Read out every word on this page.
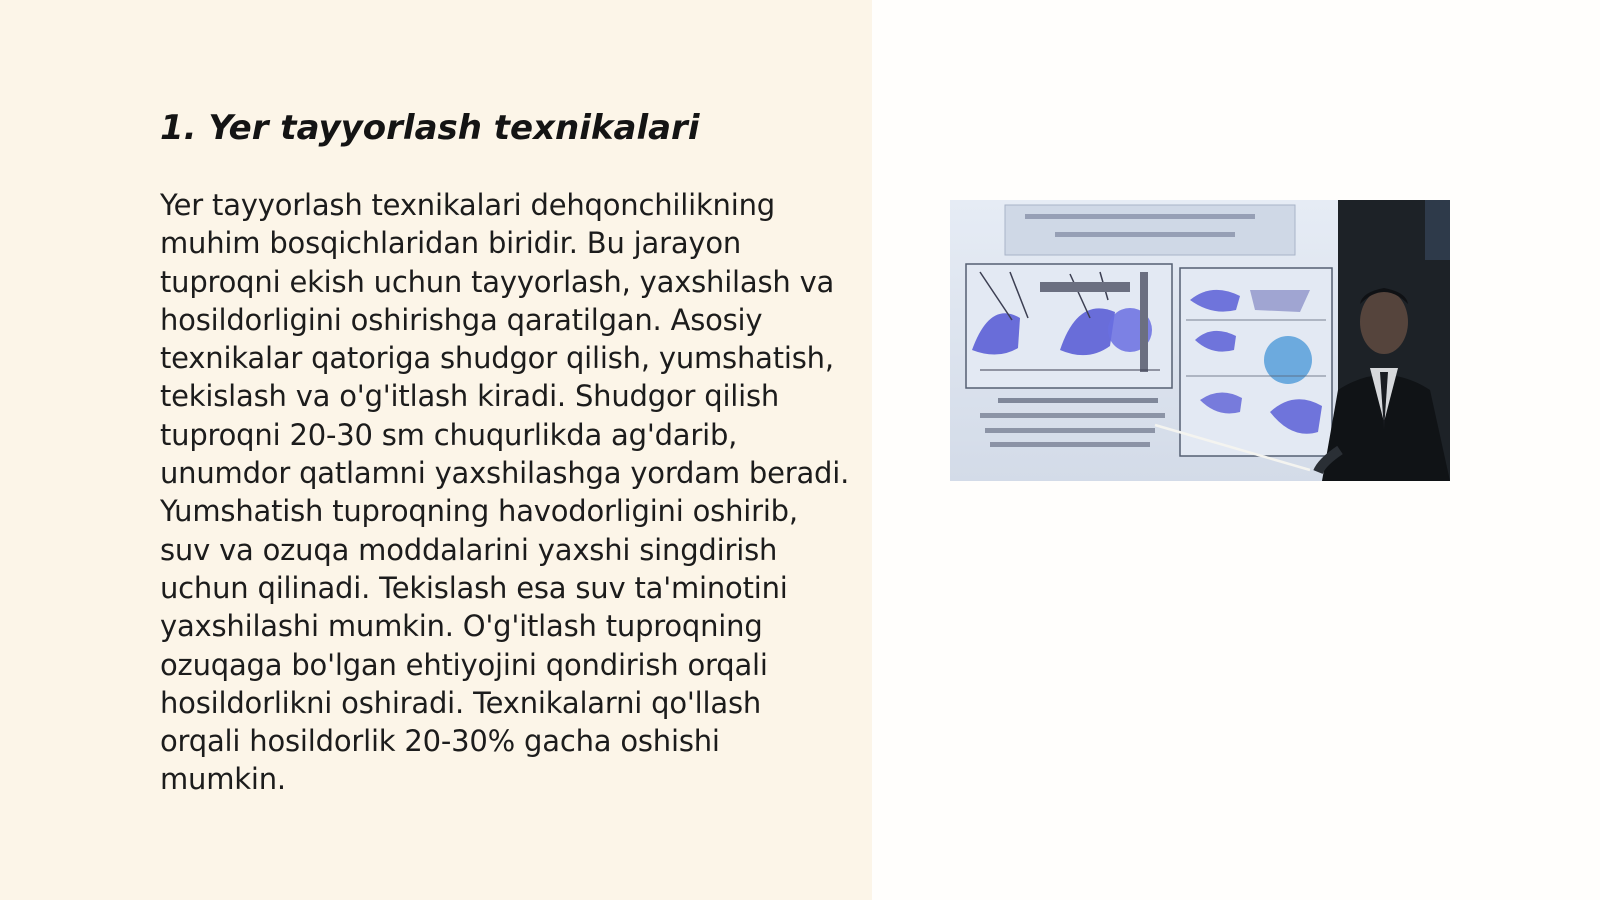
1. Yer tayyorlash texnikalari

Yer tayyorlash texnikalari dehqonchilikning muhim bosqichlaridan biridir. Bu jarayon tuproqni ekish uchun tayyorlash, yaxshilash va hosildorligini oshirishga qaratilgan. Asosiy texnikalar qatoriga shudgor qilish, yumshatish, tekislash va o'g'itlash kiradi. Shudgor qilish tuproqni 20-30 sm chuqurlikda ag'darib, unumdor qatlamni yaxshilashga yordam beradi. Yumshatish tuproqning havodorligini oshirib, suv va ozuqa moddalarini yaxshi singdirish uchun qilinadi. Tekislash esa suv ta'minotini yaxshilashi mumkin. O'g'itlash tuproqning ozuqaga bo'lgan ehtiyojini qondirish orqali hosildorlikni oshiradi. Texnikalarni qo'llash orqali hosildorlik 20-30% gacha oshishi mumkin.
